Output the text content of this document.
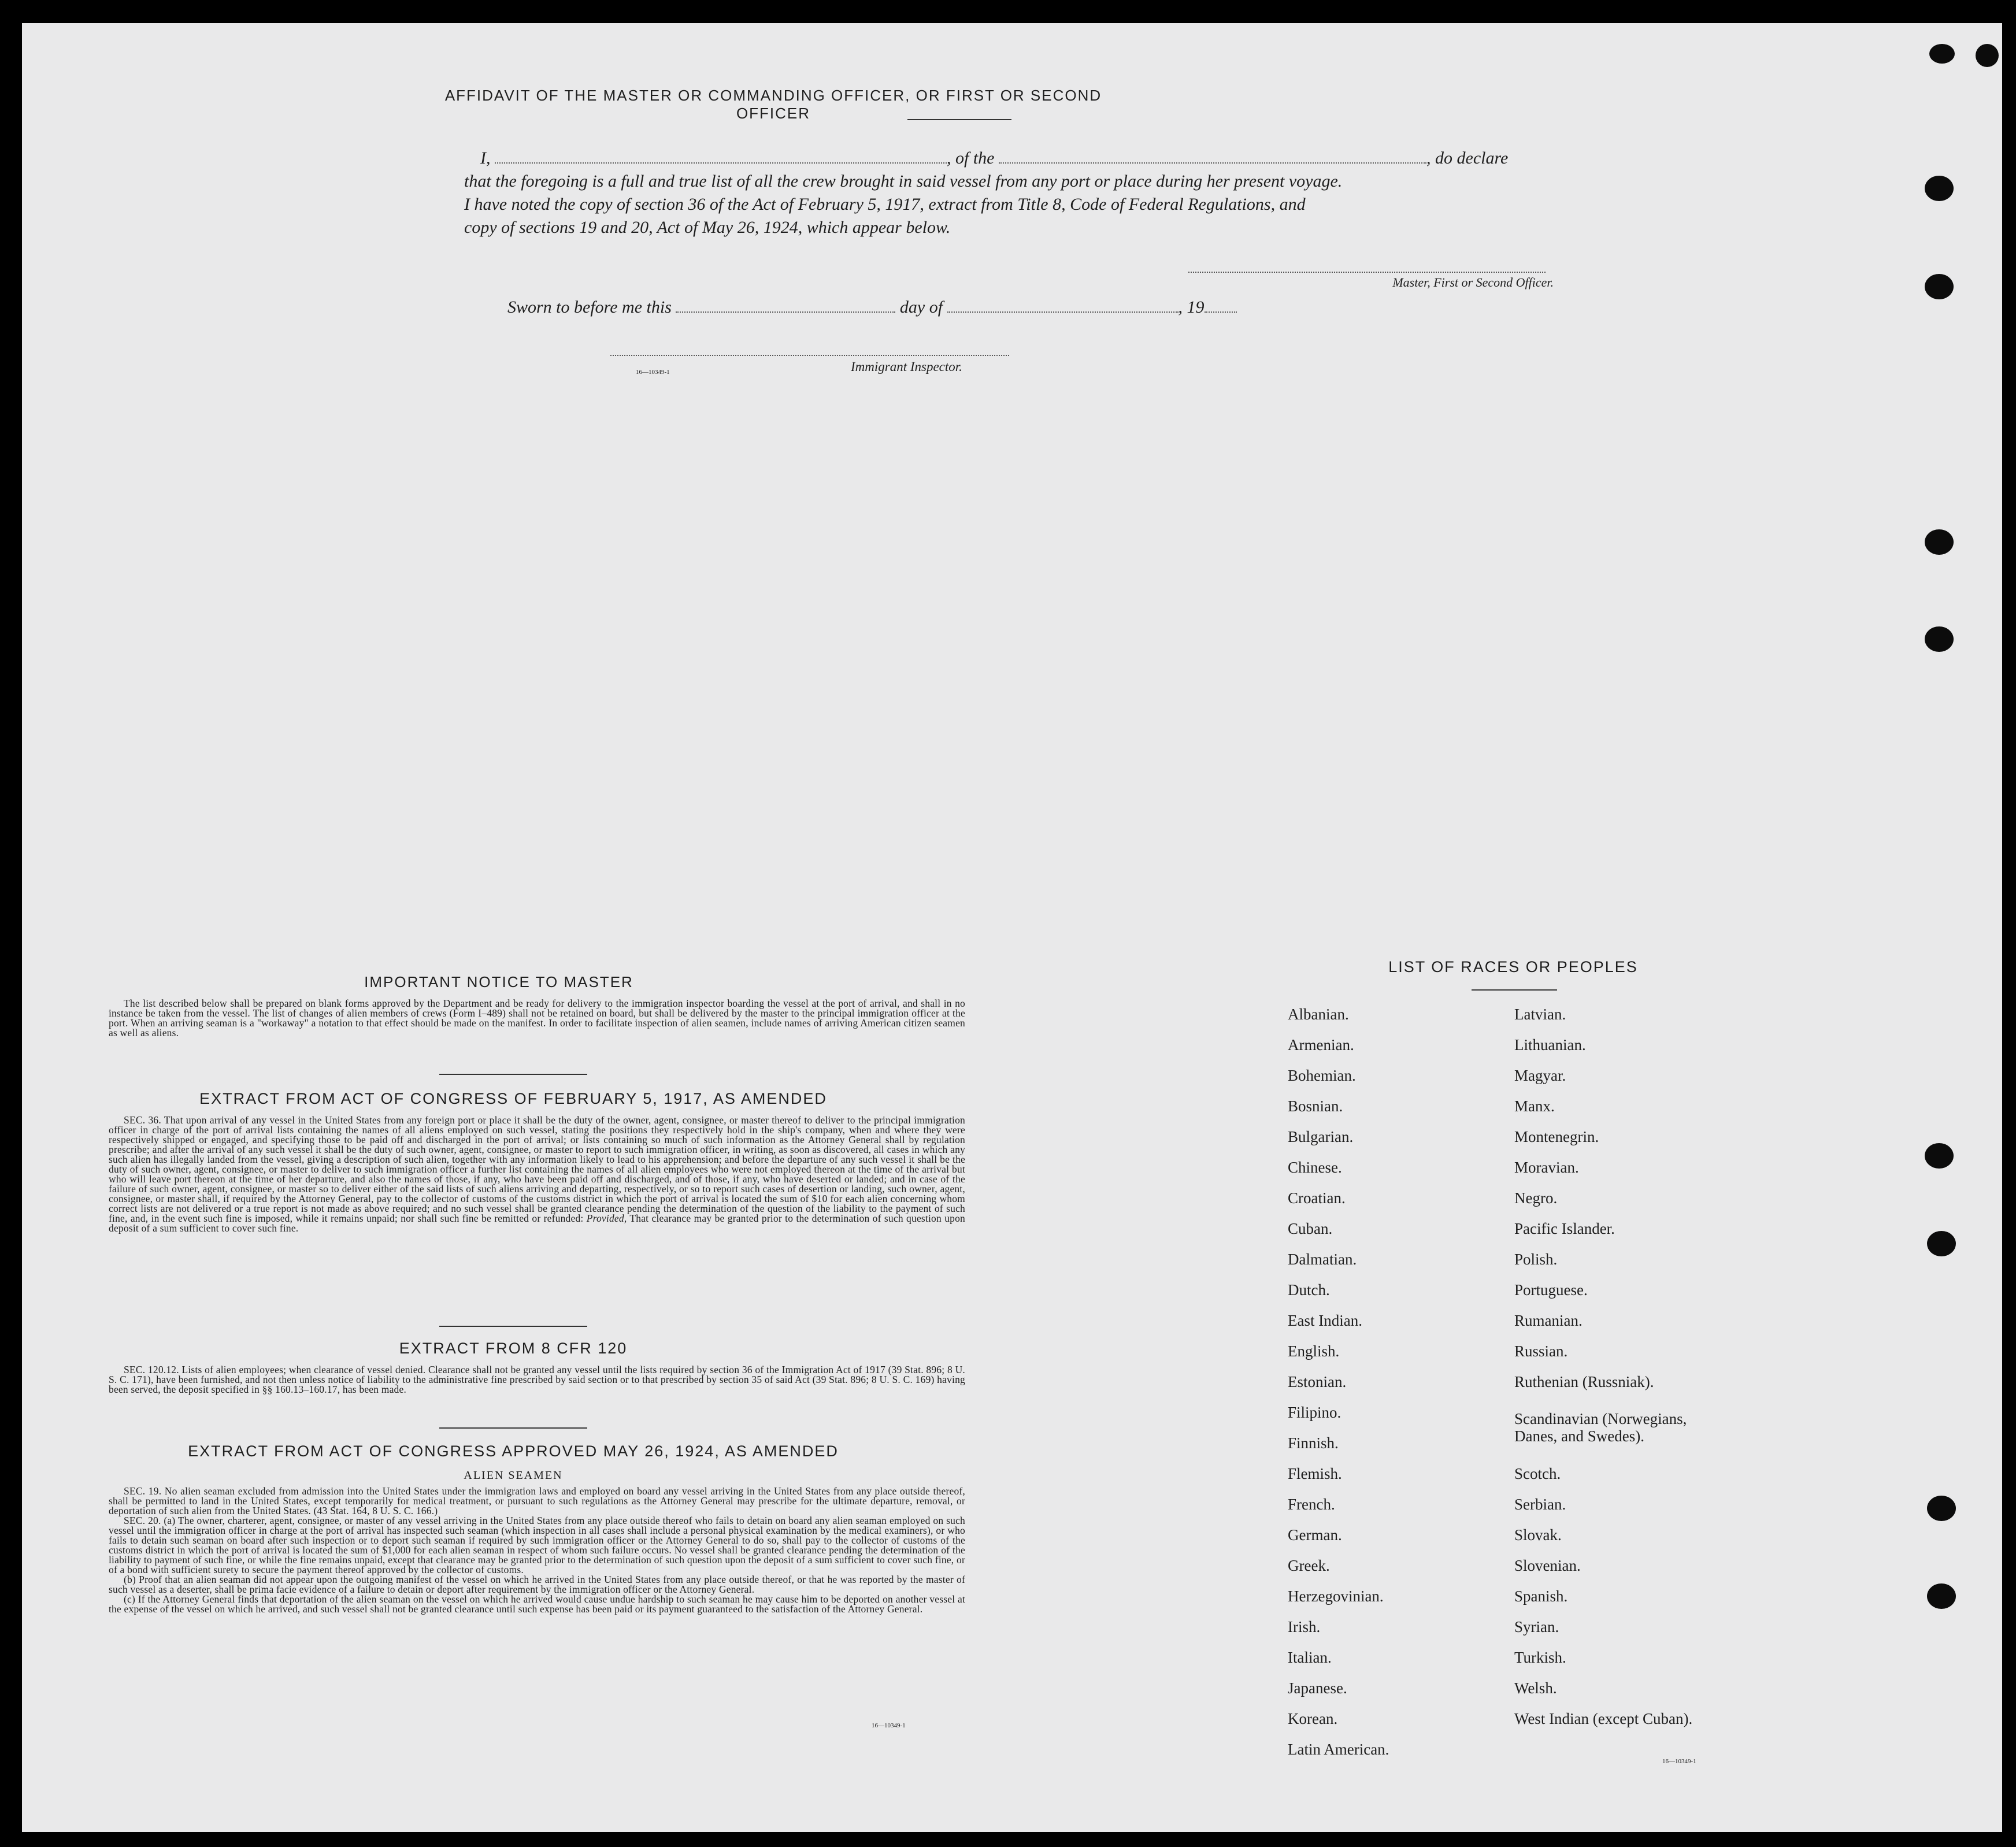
AFFIDAVIT OF THE MASTER OR COMMANDING OFFICER, OR FIRST OR SECOND OFFICER
I,	, of the	, do declare
that the foregoing is a full and true list of all the crew brought in said vessel from any port or place during her present voyage.
I have noted the copy of section 36 of the Act of February 5, 1917, extract from Title 8, Code of Federal Regulations, and
copy of sections 19 and 20, Act of May 26, 1924, which appear below.
Master, First or Second Officer.
Sworn to before me this	day of	, 19
16—10349-1	Immigrant Inspector.
IMPORTANT NOTICE TO MASTER
The list described below shall be prepared on blank forms approved by the Department and be ready for delivery to the immigration inspector boarding the vessel at the port of arrival, and shall in no instance be taken from the vessel. The list of changes of alien members of crews (Form I–489) shall not be retained on board, but shall be delivered by the master to the principal immigration officer at the port. When an arriving seaman is a "workaway" a notation to that effect should be made on the manifest. In order to facilitate inspection of alien seamen, include names of arriving American citizen seamen as well as aliens.
EXTRACT FROM ACT OF CONGRESS OF FEBRUARY 5, 1917, AS AMENDED

SEC. 36. That upon arrival of any vessel in the United States from any foreign port or place it shall be the duty of the owner, agent, consignee, or master thereof to deliver to the principal immigration officer in charge of the port of arrival lists containing the names of all aliens employed on such vessel, stating the positions they respectively hold in the ship's company, when and where they were respectively shipped or engaged, and specifying those to be paid off and discharged in the port of arrival; or lists containing so much of such information as the Attorney General shall by regulation prescribe; and after the arrival of any such vessel it shall be the duty of such owner, agent, consignee, or master to report to such immigration officer, in writing, as soon as discovered, all cases in which any such alien has illegally landed from the vessel, giving a description of such alien, together with any information likely to lead to his apprehension; and before the departure of any such vessel it shall be the duty of such owner, agent, consignee, or master to deliver to such immigration officer a further list containing the names of all alien employees who were not employed thereon at the time of the arrival but who will leave port thereon at the time of her departure, and also the names of those, if any, who have been paid off and discharged, and of those, if any, who have deserted or landed; and in case of the failure of such owner, agent, consignee, or master so to deliver either of the said lists of such aliens arriving and departing, respectively, or so to report such cases of desertion or landing, such owner, agent, consignee, or master shall, if required by the Attorney General, pay to the collector of customs of the customs district in which the port of arrival is located the sum of $10 for each alien concerning whom correct lists are not delivered or a true report is not made as above required; and no such vessel shall be granted clearance pending the determination of the question of the liability to the payment of such fine, and, in the event such fine is imposed, while it remains unpaid; nor shall such fine be remitted or refunded: Provided, That clearance may be granted prior to the determination of such question upon deposit of a sum sufficient to cover such fine.

EXTRACT FROM 8 CFR 120
SEC. 120.12. Lists of alien employees; when clearance of vessel denied. Clearance shall not be granted any vessel until the lists required by section 36 of the Immigration Act of 1917 (39 Stat. 896; 8 U. S. C. 171), have been furnished, and not then unless notice of liability to the administrative fine prescribed by said section or to that prescribed by section 35 of said Act (39 Stat. 896; 8 U. S. C. 169) having been served, the deposit specified in §§ 160.13–160.17, has been made.
EXTRACT FROM ACT OF CONGRESS APPROVED MAY 26, 1924, AS AMENDED
ALIEN SEAMEN

SEC. 19. No alien seaman excluded from admission into the United States under the immigration laws and employed on board any vessel arriving in the United States from any place outside thereof, shall be permitted to land in the United States, except temporarily for medical treatment, or pursuant to such regulations as the Attorney General may prescribe for the ultimate departure, removal, or deportation of such alien from the United States. (43 Stat. 164, 8 U. S. C. 166.)

SEC. 20. (a) The owner, charterer, agent, consignee, or master of any vessel arriving in the United States from any place outside thereof who fails to detain on board any alien seaman employed on such vessel until the immigration officer in charge at the port of arrival has inspected such seaman (which inspection in all cases shall include a personal physical examination by the medical examiners), or who fails to detain such seaman on board after such inspection or to deport such seaman if required by such immigration officer or the Attorney General to do so, shall pay to the collector of customs of the customs district in which the port of arrival is located the sum of $1,000 for each alien seaman in respect of whom such failure occurs. No vessel shall be granted clearance pending the determination of the liability to payment of such fine, or while the fine remains unpaid, except that clearance may be granted prior to the determination of such question upon the deposit of a sum sufficient to cover such fine, or of a bond with sufficient surety to secure the payment thereof approved by the collector of customs.

(b) Proof that an alien seaman did not appear upon the outgoing manifest of the vessel on which he arrived in the United States from any place outside thereof, or that he was reported by the master of such vessel as a deserter, shall be prima facie evidence of a failure to detain or deport after requirement by the immigration officer or the Attorney General.

(c) If the Attorney General finds that deportation of the alien seaman on the vessel on which he arrived would cause undue hardship to such seaman he may cause him to be deported on another vessel at the expense of the vessel on which he arrived, and such vessel shall not be granted clearance until such expense has been paid or its payment guaranteed to the satisfaction of the Attorney General.

16—10349-1
LIST OF RACES OR PEOPLES
Albanian.
Armenian.
Bohemian.
Bosnian.
Bulgarian.
Chinese.
Croatian.
Cuban.
Dalmatian.
Dutch.
East Indian.
English.
Estonian.
Filipino.
Finnish.
Flemish.
French.
German.
Greek.
Herzegovinian.
Irish.
Italian.
Japanese.
Korean.
Latin American.
Latvian.
Lithuanian.
Magyar.
Manx.
Montenegrin.
Moravian.
Negro.
Pacific Islander.
Polish.
Portuguese.
Rumanian.
Russian.
Ruthenian (Russniak).
Scandinavian (Norwegians, Danes, and Swedes).
Scotch.
Serbian.
Slovak.
Slovenian.
Spanish.
Syrian.
Turkish.
Welsh.
West Indian (except Cuban).
16—10349-1
